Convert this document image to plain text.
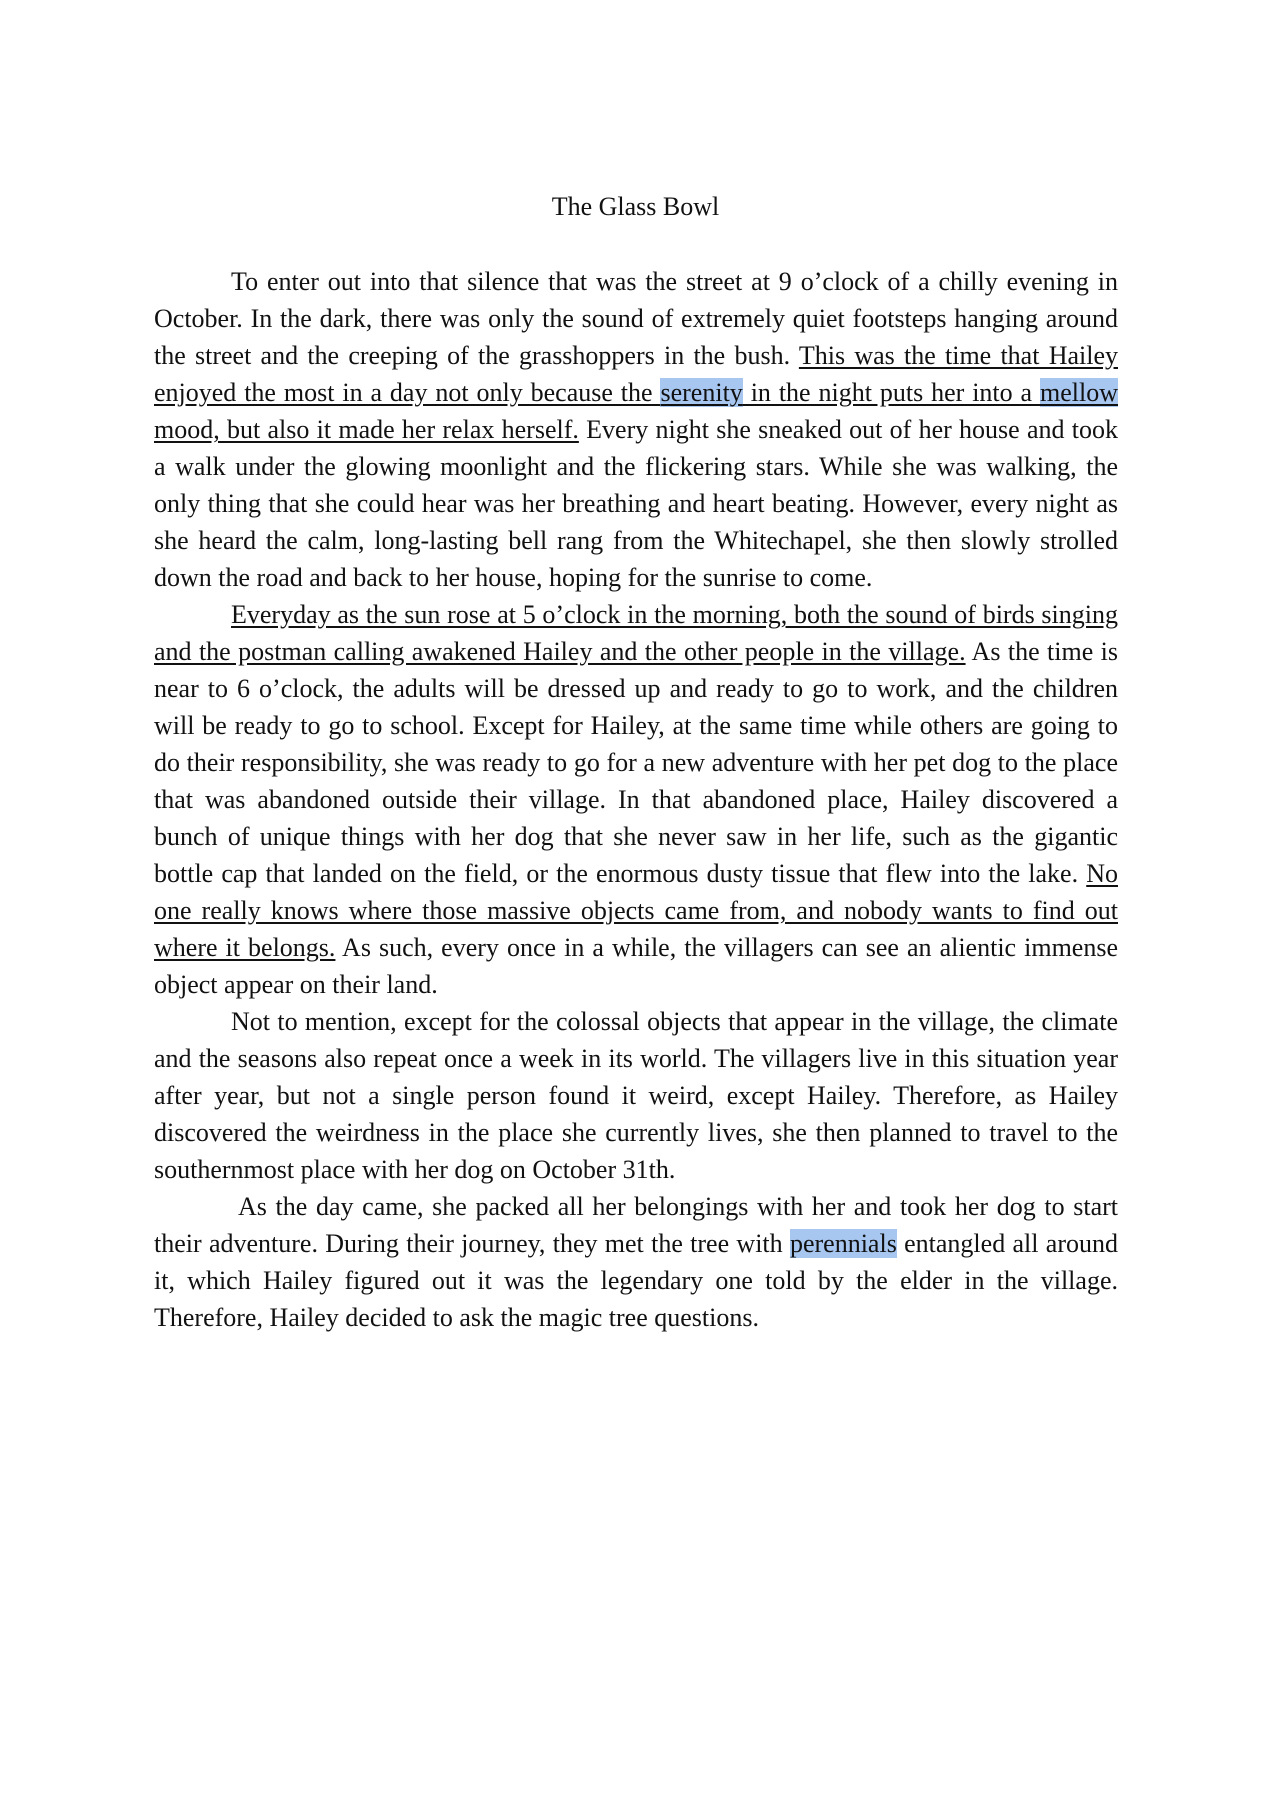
The Glass Bowl

To enter out into that silence that was the street at 9 o’clock of a chilly evening in October. In the dark, there was only the sound of extremely quiet footsteps hanging around the street and the creeping of the grasshoppers in the bush. This was the time that Hailey enjoyed the most in a day not only because the serenity in the night puts her into a mellow mood, but also it made her relax herself. Every night she sneaked out of her house and took a walk under the glowing moonlight and the flickering stars. While she was walking, the only thing that she could hear was her breathing and heart beating. However, every night as she heard the calm, long-lasting bell rang from the Whitechapel, she then slowly strolled down the road and back to her house, hoping for the sunrise to come.

Everyday as the sun rose at 5 o’clock in the morning, both the sound of birds singing and the postman calling awakened Hailey and the other people in the village. As the time is near to 6 o’clock, the adults will be dressed up and ready to go to work, and the children will be ready to go to school. Except for Hailey, at the same time while others are going to do their responsibility, she was ready to go for a new adventure with her pet dog to the place that was abandoned outside their village. In that abandoned place, Hailey discovered a bunch of unique things with her dog that she never saw in her life, such as the gigantic bottle cap that landed on the field, or the enormous dusty tissue that flew into the lake. No one really knows where those massive objects came from, and nobody wants to find out where it belongs. As such, every once in a while, the villagers can see an alientic immense object appear on their land.

Not to mention, except for the colossal objects that appear in the village, the climate and the seasons also repeat once a week in its world. The villagers live in this situation year after year, but not a single person found it weird, except Hailey. Therefore, as Hailey discovered the weirdness in the place she currently lives, she then planned to travel to the southernmost place with her dog on October 31th.

As the day came, she packed all her belongings with her and took her dog to start their adventure. During their journey, they met the tree with perennials entangled all around it, which Hailey figured out it was the legendary one told by the elder in the village. Therefore, Hailey decided to ask the magic tree questions.
